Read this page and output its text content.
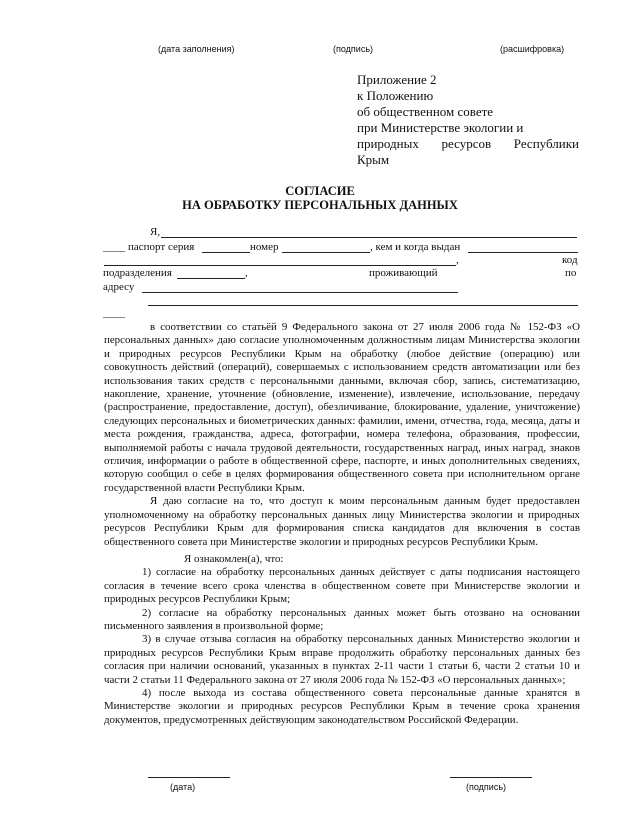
(дата заполнения)	(подпись)	(расшифровка)
Приложение 2
к Положению
об общественном совете
при Министерстве экологии и
природных ресурсов Республики
Крым
СОГЛАСИЕ
НА ОБРАБОТКУ ПЕРСОНАЛЬНЫХ ДАННЫХ
Я,
____ паспорт серия	номер	, кем и когда выдан
,	код
подразделения	,	проживающий	по
адресу
____

в соответствии со статьёй 9 Федерального закона от 27 июля 2006 года № 152-ФЗ «О персональных данных» даю согласие уполномоченным должностным лицам Министерства экологии и природных ресурсов Республики Крым на обработку (любое действие (операцию) или совокупность действий (операций), совершаемых с использованием средств автоматизации или без использования таких средств с персональными данными, включая сбор, запись, систематизацию, накопление, хранение, уточнение (обновление, изменение), извлечение, использование, передачу (распространение, предоставление, доступ), обезличивание, блокирование, удаление, уничтожение) следующих персональных и биометрических данных: фамилии, имени, отчества, года, месяца, даты и места рождения, гражданства, адреса, фотографии, номера телефона, образования, профессии, выполняемой работы с начала трудовой деятельности, государственных наград, иных наград, знаков отличия, информации о работе в общественной сфере, паспорте, и иных дополнительных сведениях, которую сообщил о себе в целях формирования общественного совета при исполнительном органе государственной власти Республики Крым.

Я даю согласие на то, что доступ к моим персональным данным будет предоставлен уполномоченному на обработку персональных данных лицу Министерства экологии и природных ресурсов Республики Крым для формирования списка кандидатов для включения в состав общественного совета при Министерстве экологии и природных ресурсов Республики Крым.

Я ознакомлен(а), что:

1) согласие на обработку персональных данных действует с даты подписания настоящего согласия в течение всего срока членства в общественном совете при Министерстве экологии и природных ресурсов Республики Крым;

2) согласие на обработку персональных данных может быть отозвано на основании письменного заявления в произвольной форме;

3) в случае отзыва согласия на обработку персональных данных Министерство экологии и природных ресурсов Республики Крым вправе продолжить обработку персональных данных без согласия при наличии оснований, указанных в пунктах 2-11 части 1 статьи 6, части 2 статьи 10 и части 2 статьи 11 Федерального закона от 27 июля 2006 года № 152-ФЗ «О персональных данных»;

4) после выхода из состава общественного совета персональные данные хранятся в Министерстве экологии и природных ресурсов Республики Крым в течение срока хранения документов, предусмотренных действующим законодательством Российской Федерации.

(дата)	(подпись)
